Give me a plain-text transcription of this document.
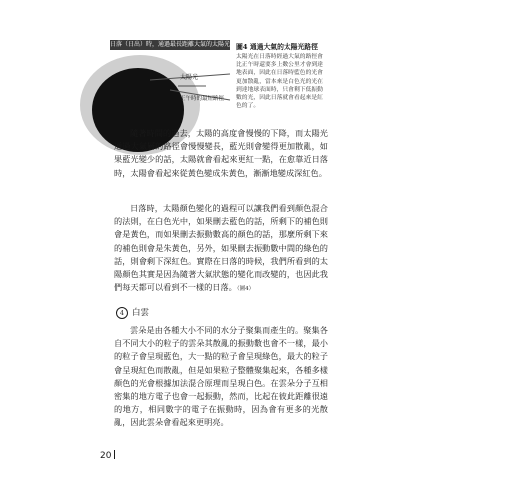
日落（日出）時，通過最長距離大氣的太陽光的路徑
太陽光
正午時的最短路徑
圖4 通過大氣的太陽光路徑
太陽光在日落時經過大氣的路徑會比正午時還要多上數公里才會到達地表面，因此在日落時藍色的光會更加散亂，當本來是白色光的光在到達地球表面時，只會剩下低振動數的光，因此日落就會看起來是紅色的了。

隨著時間的過去，太陽的高度會慢慢的下降，而太陽光通過大氣層的路徑會慢慢變長，藍光則會變得更加散亂，如果藍光變少的話，太陽就會看起來更紅一點，在愈靠近日落時，太陽會看起來從黃色變成朱黃色，漸漸地變成深紅色。

日落時，太陽顏色變化的過程可以讓我們看到顏色混合的法則，在白色光中，如果刪去藍色的話，所剩下的補色則會是黃色，而如果刪去振動數高的顏色的話，那麼所剩下來的補色則會是朱黃色，另外，如果刪去振動數中間的綠色的話，則會剩下深紅色。實際在日落的時候，我們所看到的太陽顏色其實是因為隨著大氣狀態的變化而改變的，也因此我們每天都可以看到不一樣的日落。（圖4）

4 白雲

雲朵是由各種大小不同的水分子聚集而產生的。聚集各自不同大小的粒子的雲朵其散亂的振動數也會不一樣，最小的粒子會呈現藍色，大一點的粒子會呈現綠色，最大的粒子會呈現紅色而散亂，但是如果粒子整體聚集起來，各種多樣顏色的光會根據加法混合原理而呈現白色。在雲朵分子互相密集的地方電子也會一起振動，然而，比起在彼此距離很遠的地方，相同數字的電子在振動時，因為會有更多的光散亂，因此雲朵會看起來更明亮。

20
